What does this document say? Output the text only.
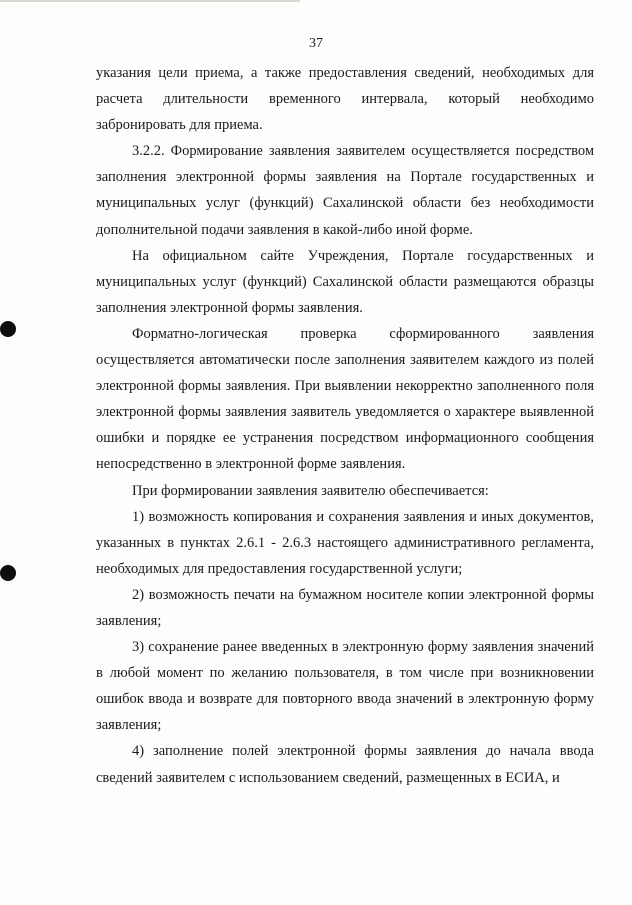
37

указания цели приема, а также предоставления сведений, необходимых для расчета длительности временного интервала, который необходимо забронировать для приема.

3.2.2. Формирование заявления заявителем осуществляется посредством заполнения электронной формы заявления на Портале государственных и муниципальных услуг (функций) Сахалинской области без необходимости дополнительной подачи заявления в какой-либо иной форме.

На официальном сайте Учреждения, Портале государственных и муниципальных услуг (функций) Сахалинской области размещаются образцы заполнения электронной формы заявления.

Форматно-логическая проверка сформированного заявления осуществляется автоматически после заполнения заявителем каждого из полей электронной формы заявления. При выявлении некорректно заполненного поля электронной формы заявления заявитель уведомляется о характере выявленной ошибки и порядке ее устранения посредством информационного сообщения непосредственно в электронной форме заявления.

При формировании заявления заявителю обеспечивается:

1) возможность копирования и сохранения заявления и иных документов, указанных в пунктах 2.6.1 - 2.6.3 настоящего административного регламента, необходимых для предоставления государственной услуги;

2) возможность печати на бумажном носителе копии электронной формы заявления;

3) сохранение ранее введенных в электронную форму заявления значений в любой момент по желанию пользователя, в том числе при возникновении ошибок ввода и возврате для повторного ввода значений в электронную форму заявления;

4) заполнение полей электронной формы заявления до начала ввода сведений заявителем с использованием сведений, размещенных в ЕСИА, и
